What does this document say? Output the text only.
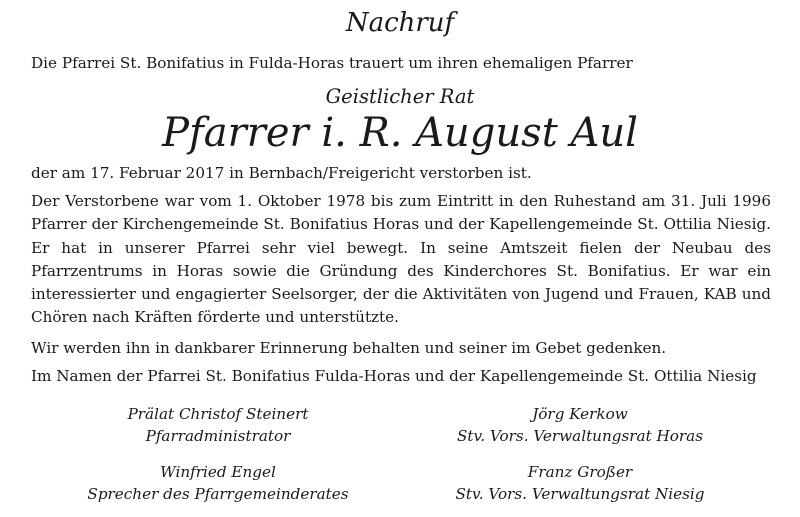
Nachruf
Die Pfarrei St. Bonifatius in Fulda-Horas trauert um ihren ehemaligen Pfarrer
Geistlicher Rat
Pfarrer i. R. August Aul
der am 17. Februar 2017 in Bernbach/Freigericht verstorben ist.

Der Verstorbene war vom 1. Oktober 1978 bis zum Eintritt in den Ruhestand am 31. Juli 1996 Pfarrer der Kirchengemeinde St. Bonifatius Horas und der Kapellengemeinde St. Ottilia Niesig. Er hat in unserer Pfarrei sehr viel bewegt. In seine Amtszeit fielen der Neubau des Pfarrzentrums in Horas sowie die Gründung des Kinderchores St. Bonifatius. Er war ein interessierter und engagierter Seelsorger, der die Aktivitäten von Jugend und Frauen, KAB und Chören nach Kräften förderte und unterstützte.

Wir werden ihn in dankbarer Erinnerung behalten und seiner im Gebet gedenken.
Im Namen der Pfarrei St. Bonifatius Fulda-Horas und der Kapellengemeinde St. Ottilia Niesig
Prälat Christof Steinert
Pfarradministrator
Jörg Kerkow
Stv. Vors. Verwaltungsrat Horas
Winfried Engel
Sprecher des Pfarrgemeinderates
Franz Großer
Stv. Vors. Verwaltungsrat Niesig
